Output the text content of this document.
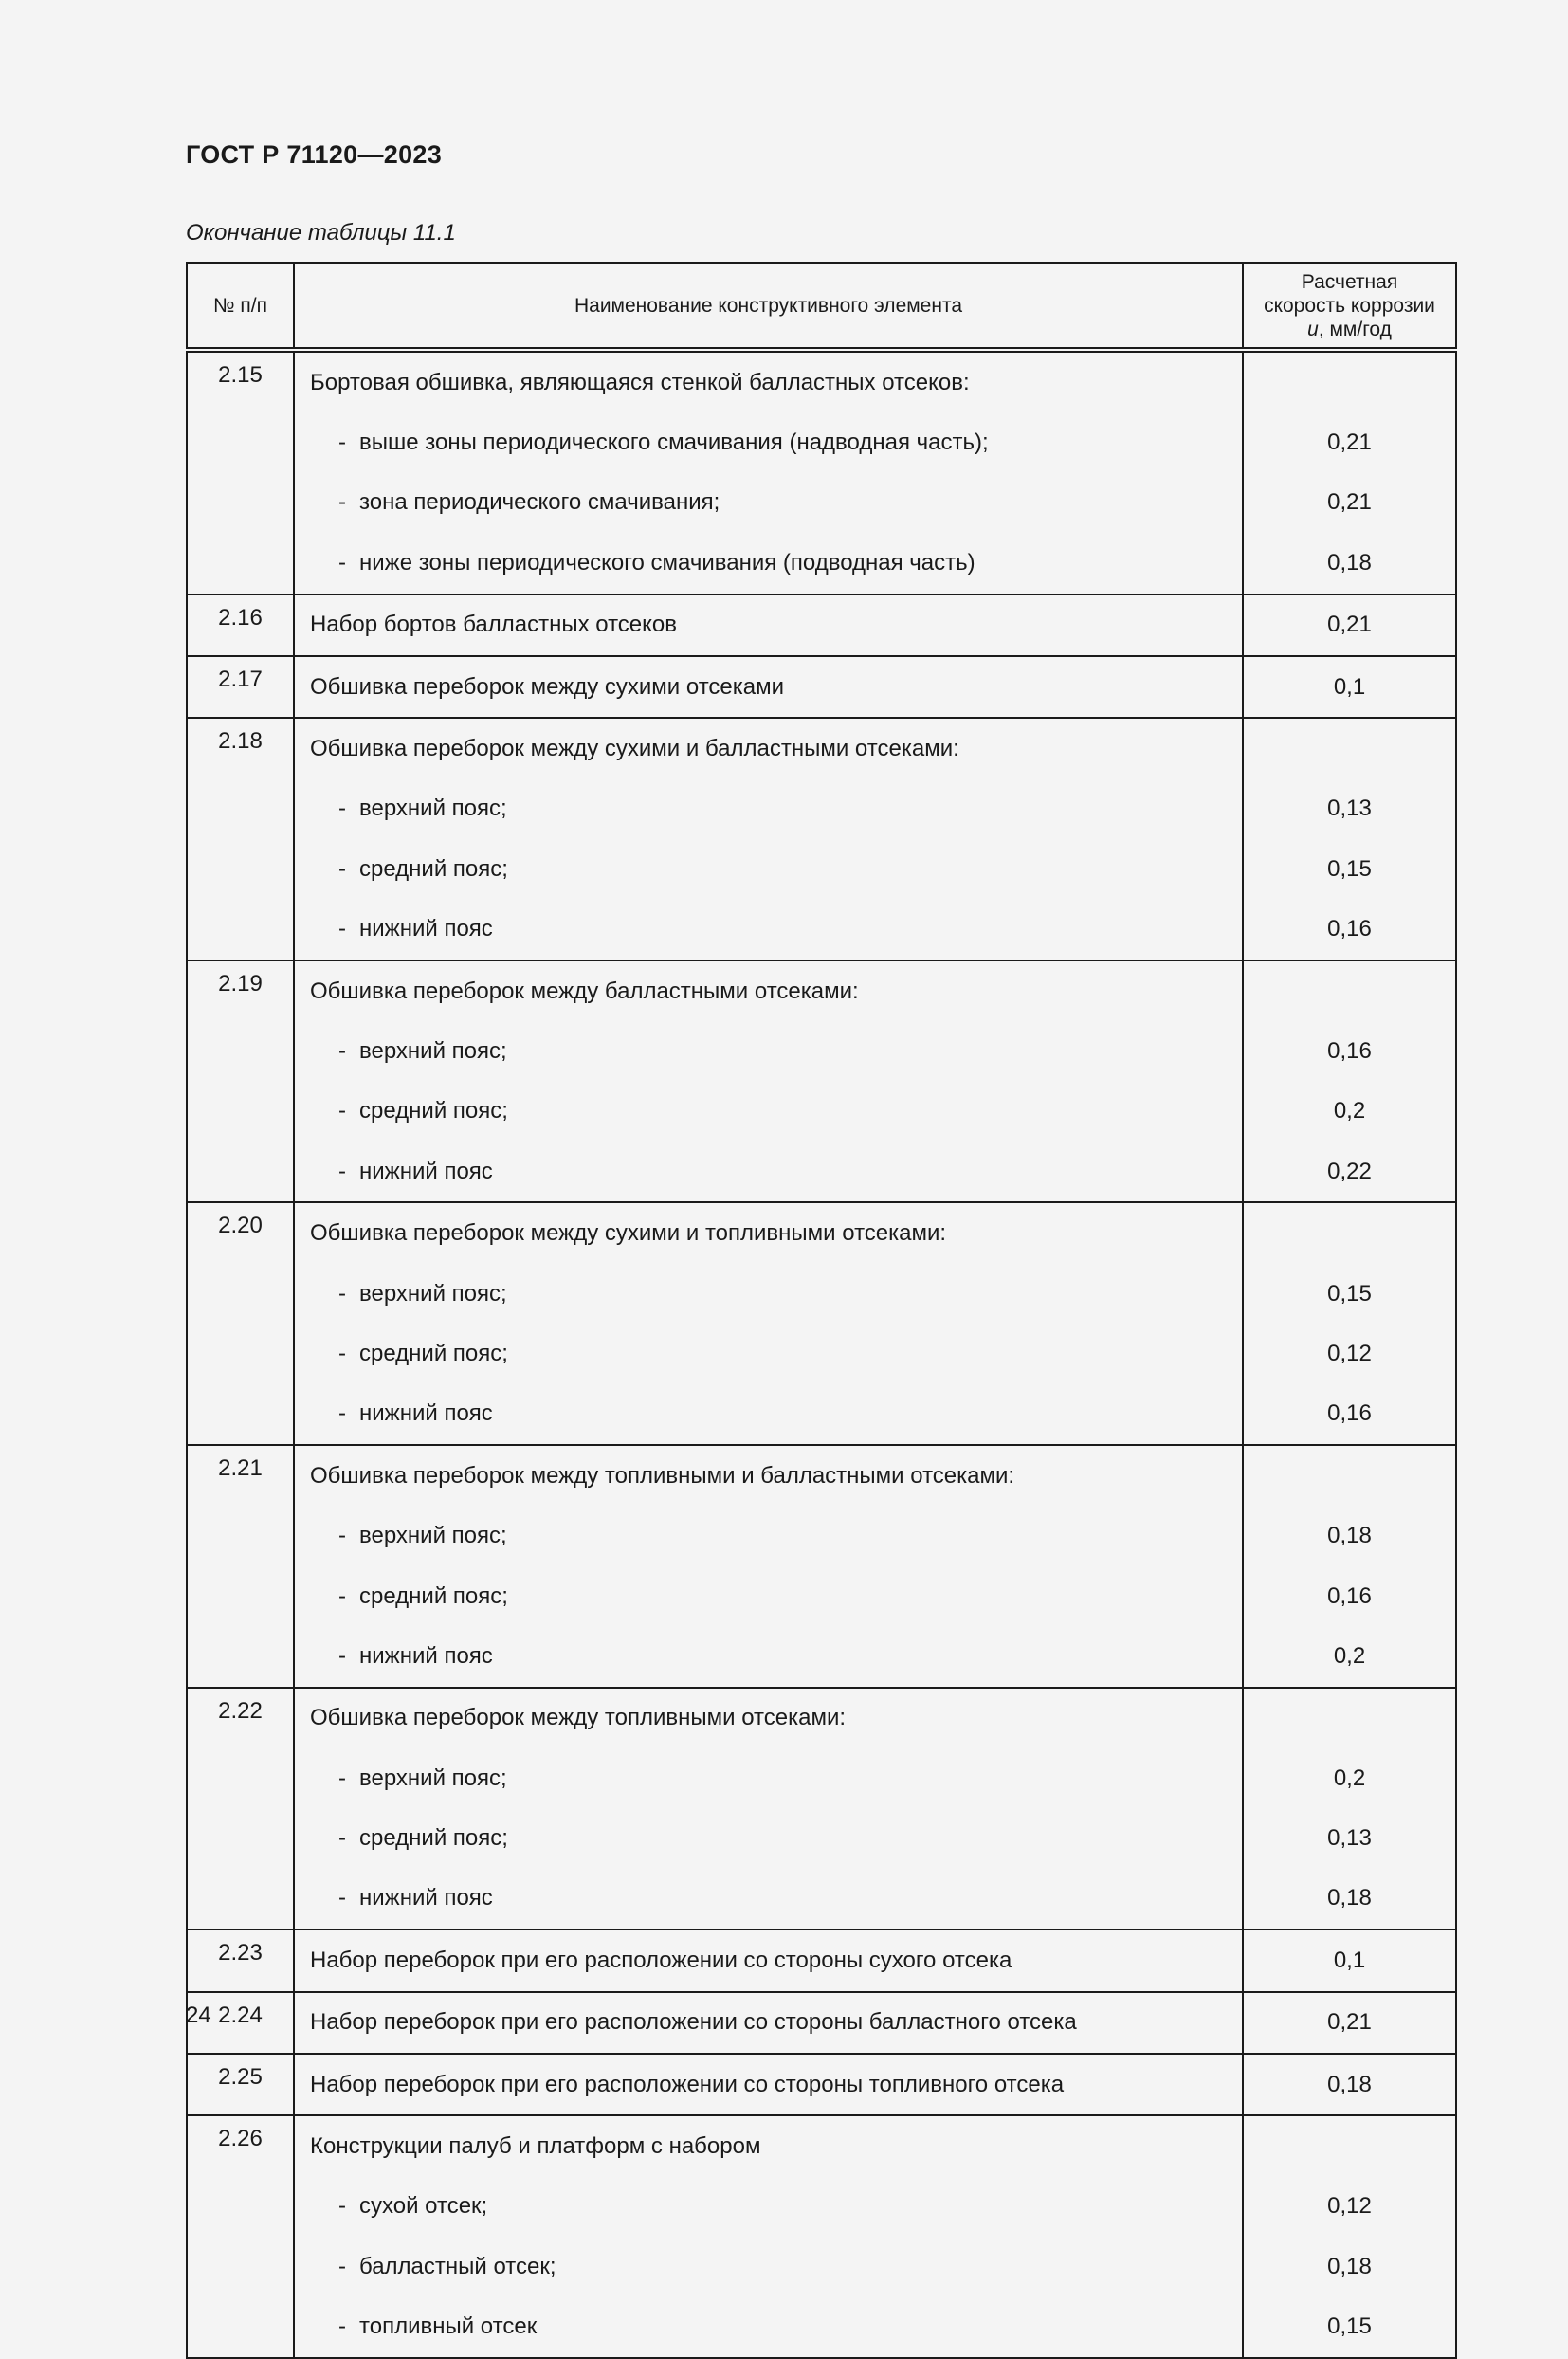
ГОСТ Р 71120—2023
Окончание таблицы 11.1
№ п/п	Наименование конструктивного элемента	Расчетная
скорость коррозии
u, мм/год
2.15	Бортовая обшивка, являющаяся стенкой балластных отсеков:	
	- выше зоны периодического смачивания (надводная часть);	0,21
	- зона периодического смачивания;	0,21
	- ниже зоны периодического смачивания (подводная часть)	0,18
2.16	Набор бортов балластных отсеков	0,21
2.17	Обшивка переборок между сухими отсеками	0,1
2.18	Обшивка переборок между сухими и балластными отсеками:	
	- верхний пояс;	0,13
	- средний пояс;	0,15
	- нижний пояс	0,16
2.19	Обшивка переборок между балластными отсеками:	
	- верхний пояс;	0,16
	- средний пояс;	0,2
	- нижний пояс	0,22
2.20	Обшивка переборок между сухими и топливными отсеками:	
	- верхний пояс;	0,15
	- средний пояс;	0,12
	- нижний пояс	0,16
2.21	Обшивка переборок между топливными и балластными отсеками:	
	- верхний пояс;	0,18
	- средний пояс;	0,16
	- нижний пояс	0,2
2.22	Обшивка переборок между топливными отсеками:	
	- верхний пояс;	0,2
	- средний пояс;	0,13
	- нижний пояс	0,18
2.23	Набор переборок при его расположении со стороны сухого отсека	0,1
2.24	Набор переборок при его расположении со стороны балластного отсека	0,21
2.25	Набор переборок при его расположении со стороны топливного отсека	0,18
2.26	Конструкции палуб и платформ с набором	
	- сухой отсек;	0,12
	- балластный отсек;	0,18
	- топливный отсек	0,15
24
